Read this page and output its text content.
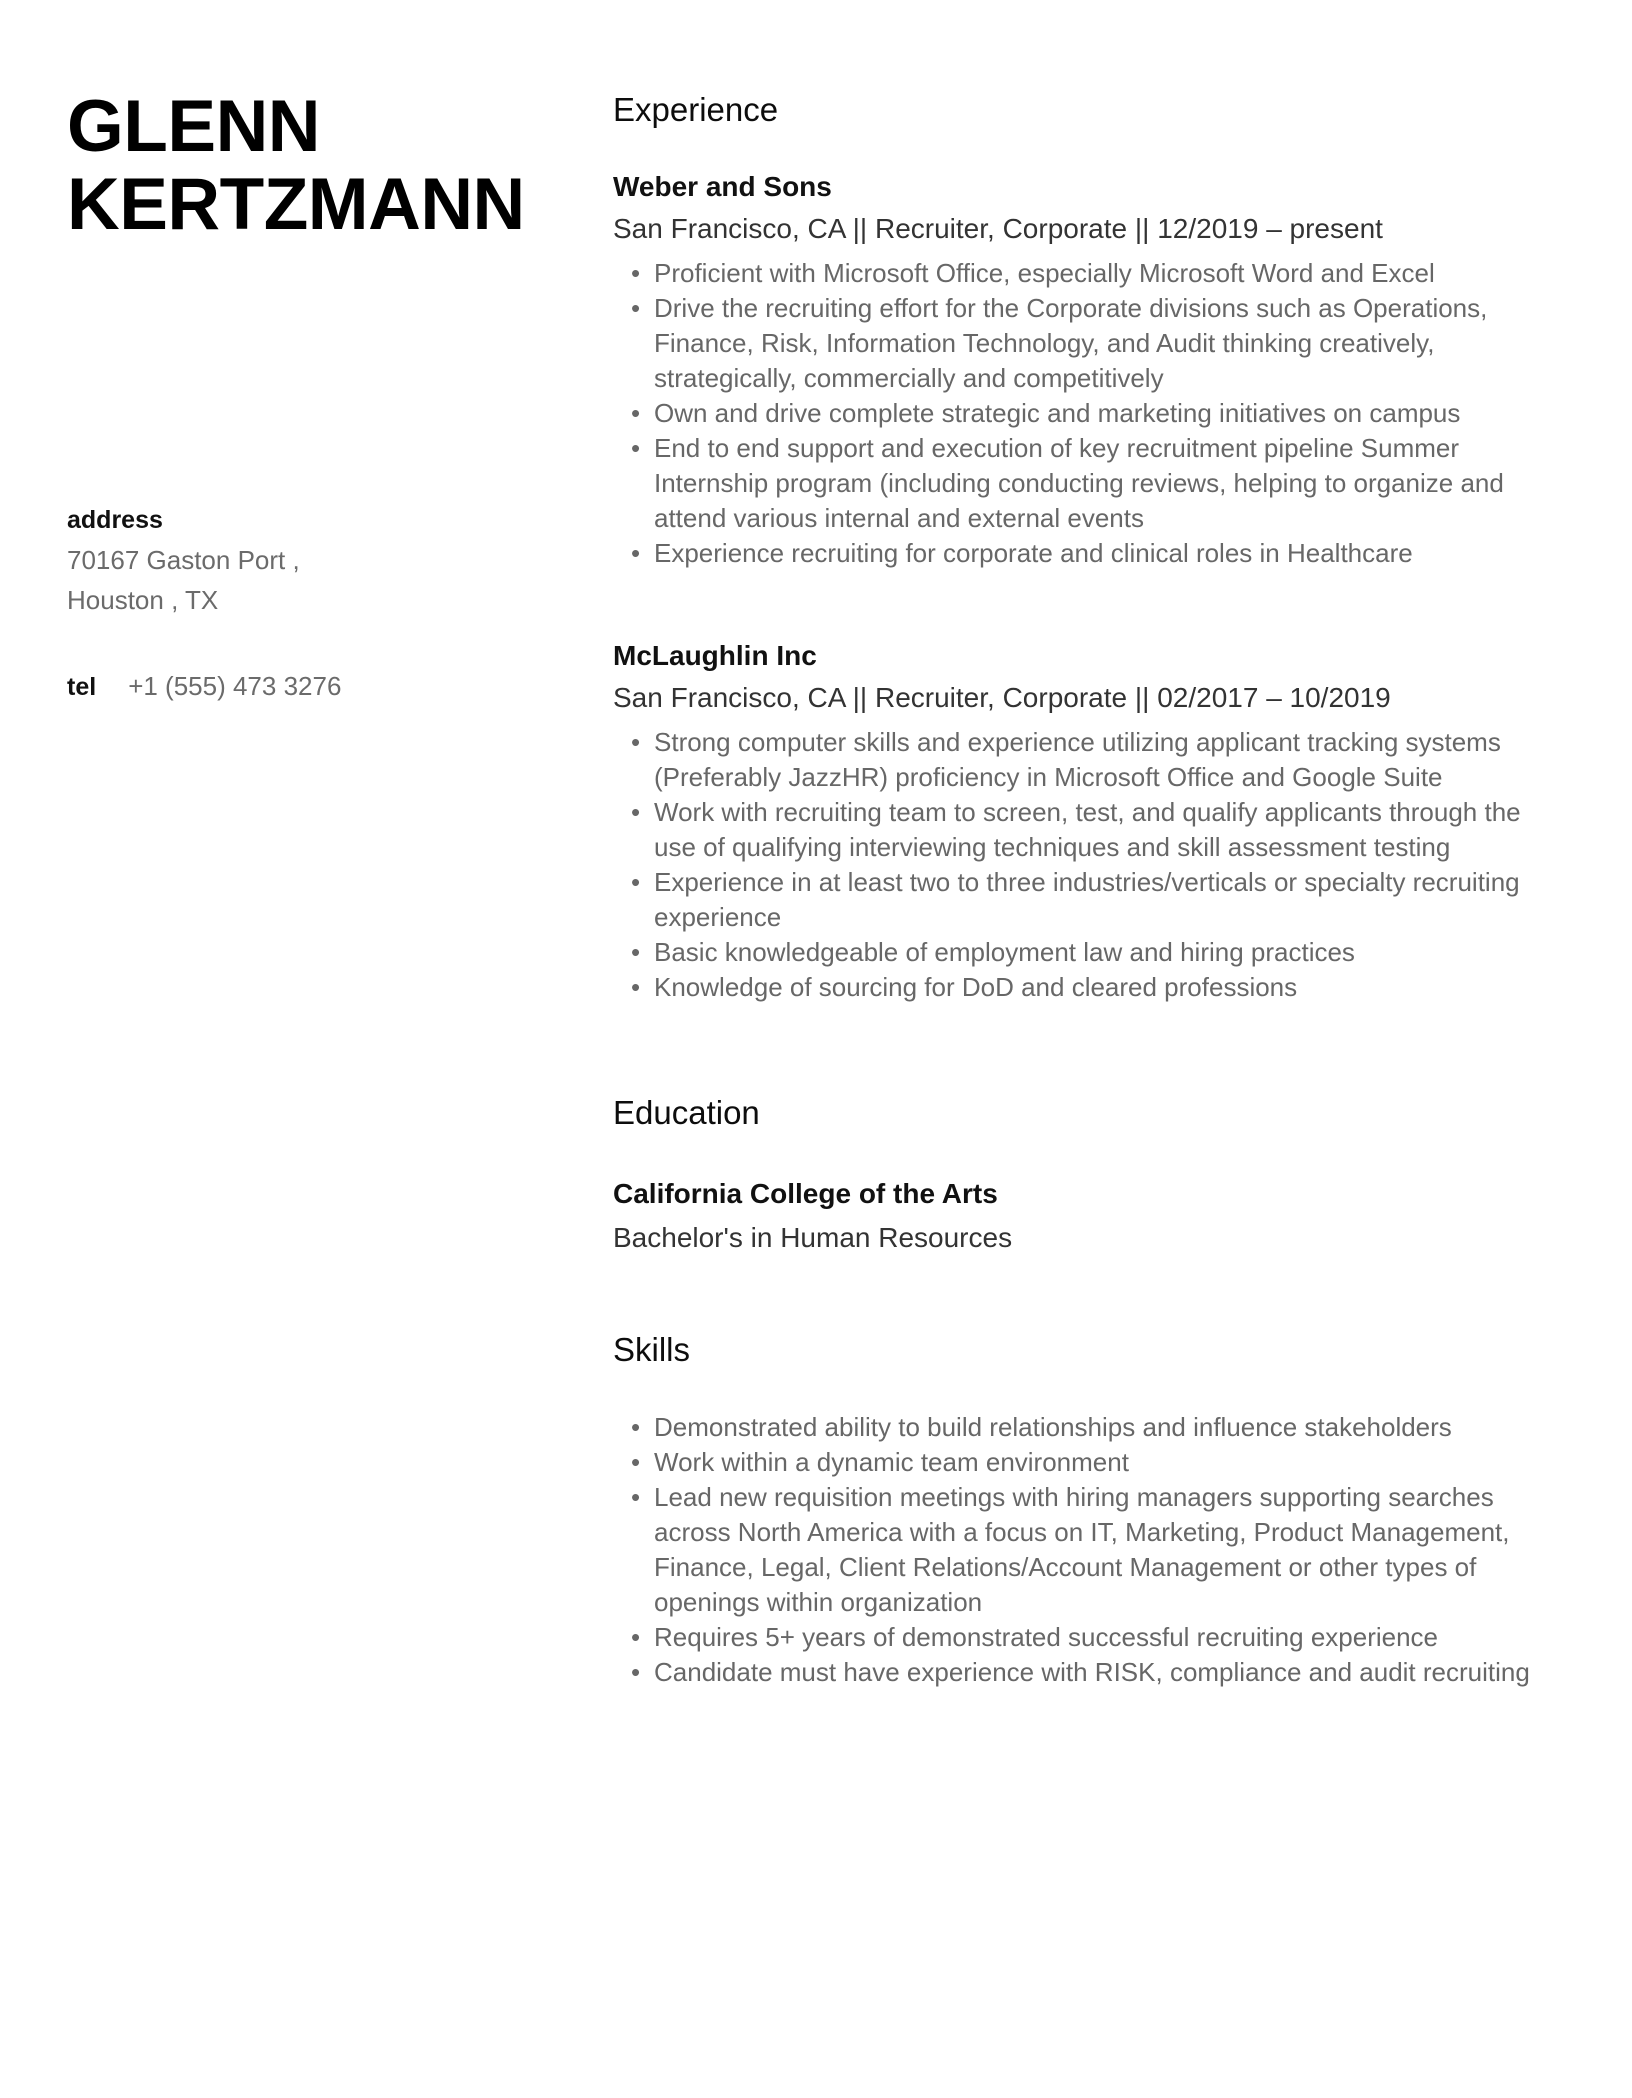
GLENN KERTZMANN
address
70167 Gaston Port ,
Houston , TX
tel +1 (555) 473 3276
Experience
Weber and Sons
San Francisco, CA || Recruiter, Corporate || 12/2019 – present
• Proficient with Microsoft Office, especially Microsoft Word and Excel
• Drive the recruiting effort for the Corporate divisions such as Operations, Finance, Risk, Information Technology, and Audit thinking creatively, strategically, commercially and competitively
• Own and drive complete strategic and marketing initiatives on campus
• End to end support and execution of key recruitment pipeline Summer Internship program (including conducting reviews, helping to organize and attend various internal and external events
• Experience recruiting for corporate and clinical roles in Healthcare
McLaughlin Inc
San Francisco, CA || Recruiter, Corporate || 02/2017 – 10/2019
• Strong computer skills and experience utilizing applicant tracking systems (Preferably JazzHR) proficiency in Microsoft Office and Google Suite
• Work with recruiting team to screen, test, and qualify applicants through the use of qualifying interviewing techniques and skill assessment testing
• Experience in at least two to three industries/verticals or specialty recruiting experience
• Basic knowledgeable of employment law and hiring practices
• Knowledge of sourcing for DoD and cleared professions
Education
California College of the Arts
Bachelor's in Human Resources
Skills
• Demonstrated ability to build relationships and influence stakeholders
• Work within a dynamic team environment
• Lead new requisition meetings with hiring managers supporting searches across North America with a focus on IT, Marketing, Product Management, Finance, Legal, Client Relations/Account Management or other types of openings within organization
• Requires 5+ years of demonstrated successful recruiting experience
• Candidate must have experience with RISK, compliance and audit recruiting
